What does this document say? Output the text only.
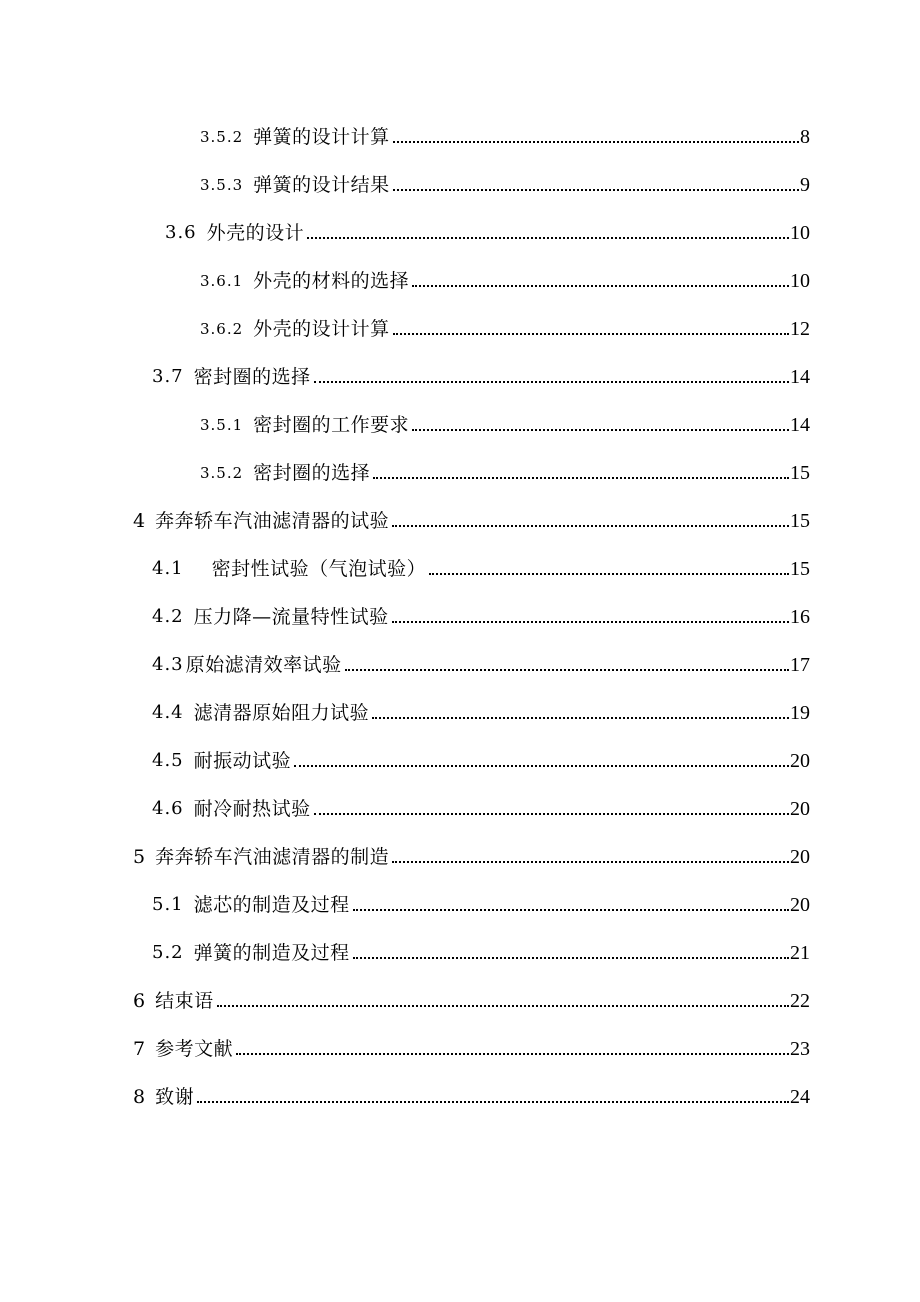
3.5.2 弹簧的设计计算	8
3.5.3 弹簧的设计结果	9
3.6 外壳的设计	10
3.6.1 外壳的材料的选择	10
3.6.2 外壳的设计计算	12
3.7 密封圈的选择	14
3.5.1 密封圈的工作要求	14
3.5.2 密封圈的选择	15
4 奔奔轿车汽油滤清器的试验	15
4.1	密封性试验（气泡试验）	15
4.2 压力降—流量特性试验	16
4.3 原始滤清效率试验	17
4.4 滤清器原始阻力试验	19
4.5 耐振动试验	20
4.6 耐冷耐热试验	20
5 奔奔轿车汽油滤清器的制造	20
5.1 滤芯的制造及过程	20
5.2 弹簧的制造及过程	21
6 结束语	22
7 参考文献	23
8 致谢	24
